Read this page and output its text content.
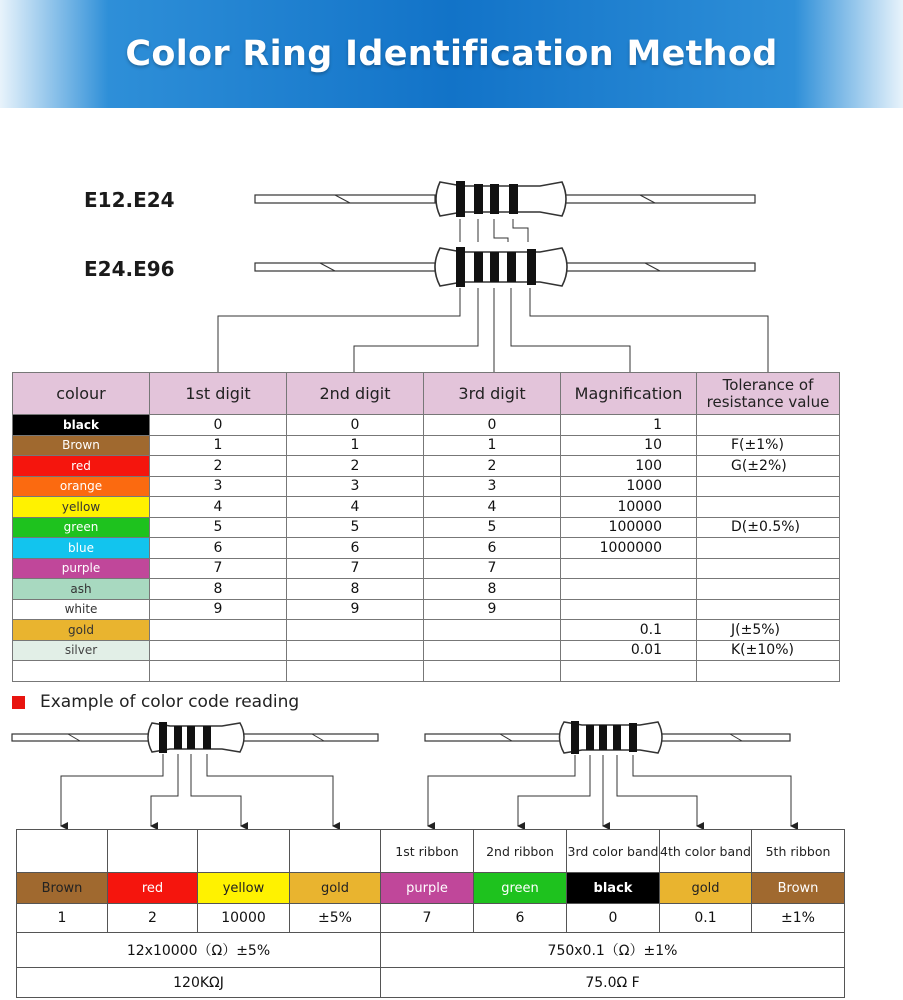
Color Ring Identification Method
E12.E24
E24.E96
colour	1st digit	2nd digit	3rd digit	Magnification	Tolerance of resistance value
black	0	0	0	1	
Brown	1	1	1	10	F(±1%)
red	2	2	2	100	G(±2%)
orange	3	3	3	1000	
yellow	4	4	4	10000	
green	5	5	5	100000	D(±0.5%)
blue	6	6	6	1000000	
purple	7	7	7		
ash	8	8	8		
white	9	9	9		
gold				0.1	J(±5%)
silver				0.01	K(±10%)

Example of color code reading
				1st ribbon	2nd ribbon	3rd color band	4th color band	5th ribbon
Brown	red	yellow	gold	purple	green	black	gold	Brown
1	2	10000	±5%	7	6	0	0.1	±1%
12x10000（Ω）±5%				750x0.1（Ω）±1%				
120KΩJ				75.0Ω F				
